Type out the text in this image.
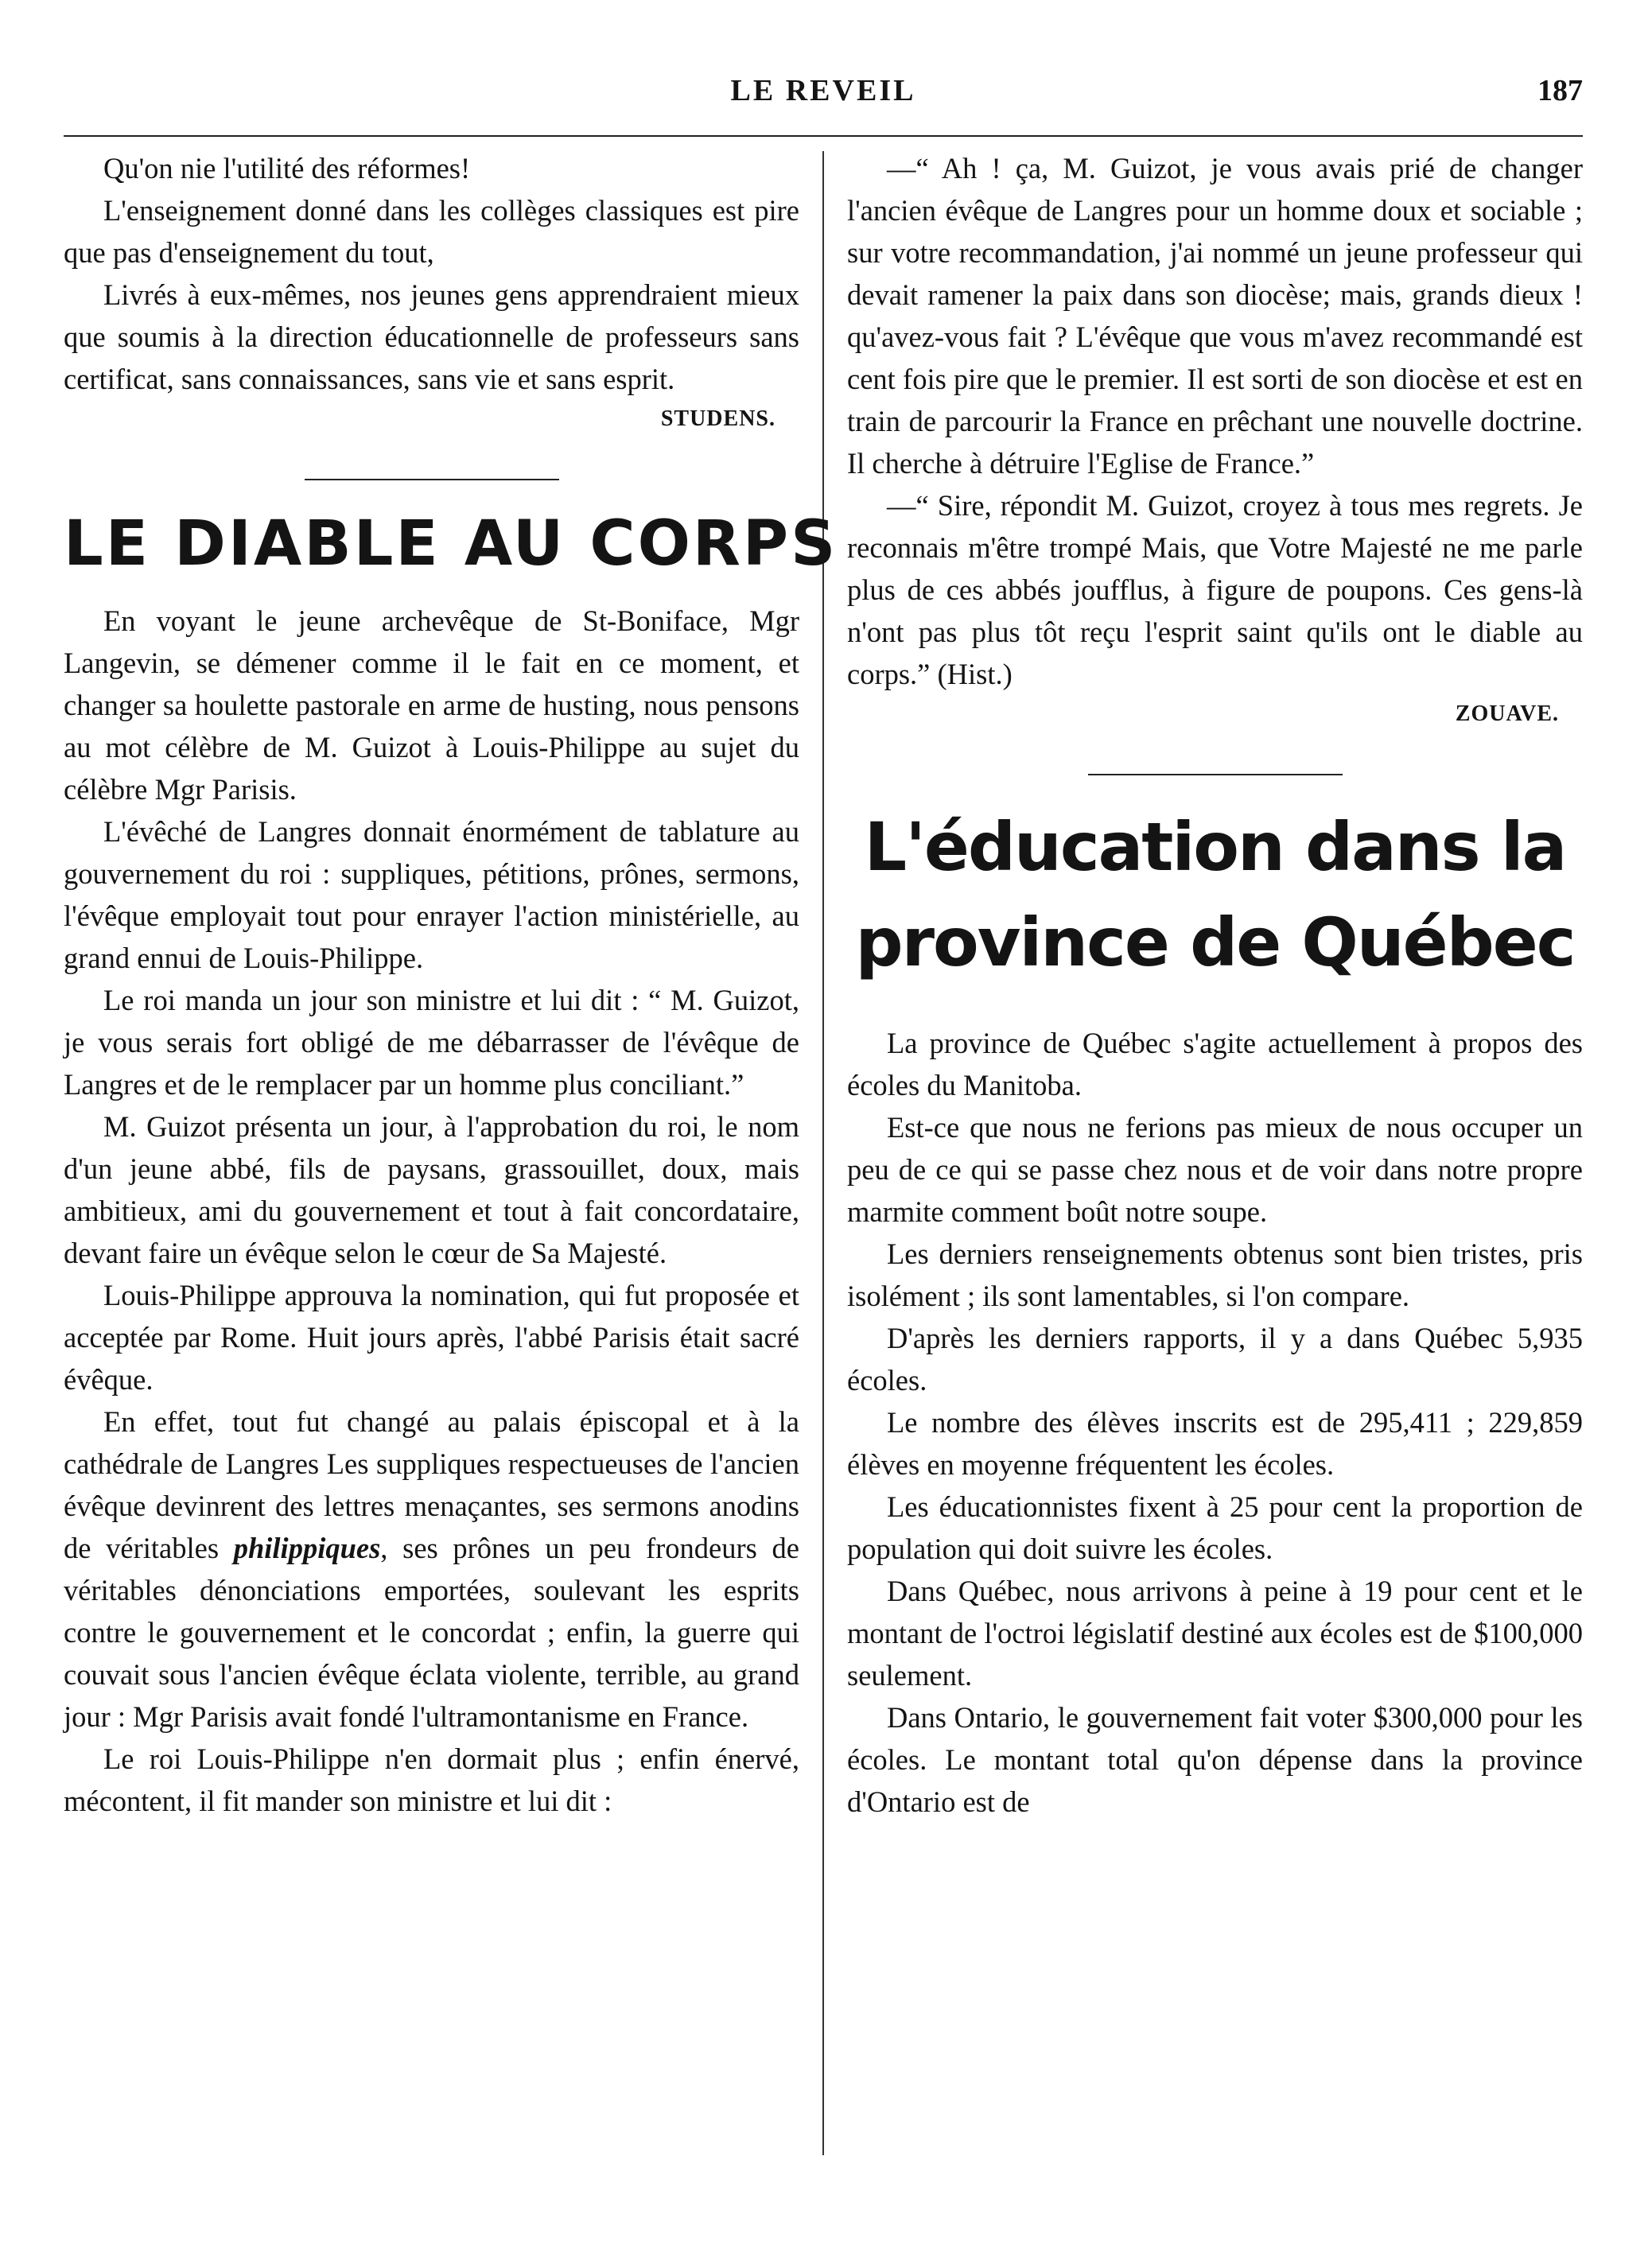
LE REVEIL	187

Qu'on nie l'utilité des réformes!

L'enseignement donné dans les collèges classiques est pire que pas d'enseignement du tout,

Livrés à eux-mêmes, nos jeunes gens apprendraient mieux que soumis à la direction éducationnelle de professeurs sans certificat, sans connaissances, sans vie et sans esprit.

STUDENS.
LE DIABLE AU CORPS

En voyant le jeune archevêque de St-Boniface, Mgr Langevin, se démener comme il le fait en ce moment, et changer sa houlette pastorale en arme de husting, nous pensons au mot célèbre de M. Guizot à Louis-Philippe au sujet du célèbre Mgr Parisis.

L'évêché de Langres donnait énormément de tablature au gouvernement du roi : suppliques, pétitions, prônes, sermons, l'évêque employait tout pour enrayer l'action ministérielle, au grand ennui de Louis-Philippe.

Le roi manda un jour son ministre et lui dit : “ M. Guizot, je vous serais fort obligé de me débarrasser de l'évêque de Langres et de le remplacer par un homme plus conciliant.”

M. Guizot présenta un jour, à l'approbation du roi, le nom d'un jeune abbé, fils de paysans, grassouillet, doux, mais ambitieux, ami du gouvernement et tout à fait concordataire, devant faire un évêque selon le cœur de Sa Majesté.

Louis-Philippe approuva la nomination, qui fut proposée et acceptée par Rome. Huit jours après, l'abbé Parisis était sacré évêque.

En effet, tout fut changé au palais épiscopal et à la cathédrale de Langres Les suppliques respectueuses de l'ancien évêque devinrent des lettres menaçantes, ses sermons anodins de véritables philippiques, ses prônes un peu frondeurs de véritables dénonciations emportées, soulevant les esprits contre le gouvernement et le concordat ; enfin, la guerre qui couvait sous l'ancien évêque éclata violente, terrible, au grand jour : Mgr Parisis avait fondé l'ultramontanisme en France.

Le roi Louis-Philippe n'en dormait plus ; enfin énervé, mécontent, il fit mander son ministre et lui dit :

—“ Ah ! ça, M. Guizot, je vous avais prié de changer l'ancien évêque de Langres pour un homme doux et sociable ; sur votre recommandation, j'ai nommé un jeune professeur qui devait ramener la paix dans son diocèse; mais, grands dieux ! qu'avez-vous fait ? L'évêque que vous m'avez recommandé est cent fois pire que le premier. Il est sorti de son diocèse et est en train de parcourir la France en prêchant une nouvelle doctrine. Il cherche à détruire l'Eglise de France.”

—“ Sire, répondit M. Guizot, croyez à tous mes regrets. Je reconnais m'être trompé Mais, que Votre Majesté ne me parle plus de ces abbés joufflus, à figure de poupons. Ces gens-là n'ont pas plus tôt reçu l'esprit saint qu'ils ont le diable au corps.” (Hist.)

ZOUAVE.
L'éducation dans la province de Québec

La province de Québec s'agite actuellement à propos des écoles du Manitoba.

Est-ce que nous ne ferions pas mieux de nous occuper un peu de ce qui se passe chez nous et de voir dans notre propre marmite comment boût notre soupe.

Les derniers renseignements obtenus sont bien tristes, pris isolément ; ils sont lamentables, si l'on compare.

D'après les derniers rapports, il y a dans Québec 5,935 écoles.

Le nombre des élèves inscrits est de 295,411 ; 229,859 élèves en moyenne fréquentent les écoles.

Les éducationnistes fixent à 25 pour cent la proportion de population qui doit suivre les écoles.

Dans Québec, nous arrivons à peine à 19 pour cent et le montant de l'octroi législatif destiné aux écoles est de $100,000 seulement.

Dans Ontario, le gouvernement fait voter $300,000 pour les écoles. Le montant total qu'on dépense dans la province d'Ontario est de
